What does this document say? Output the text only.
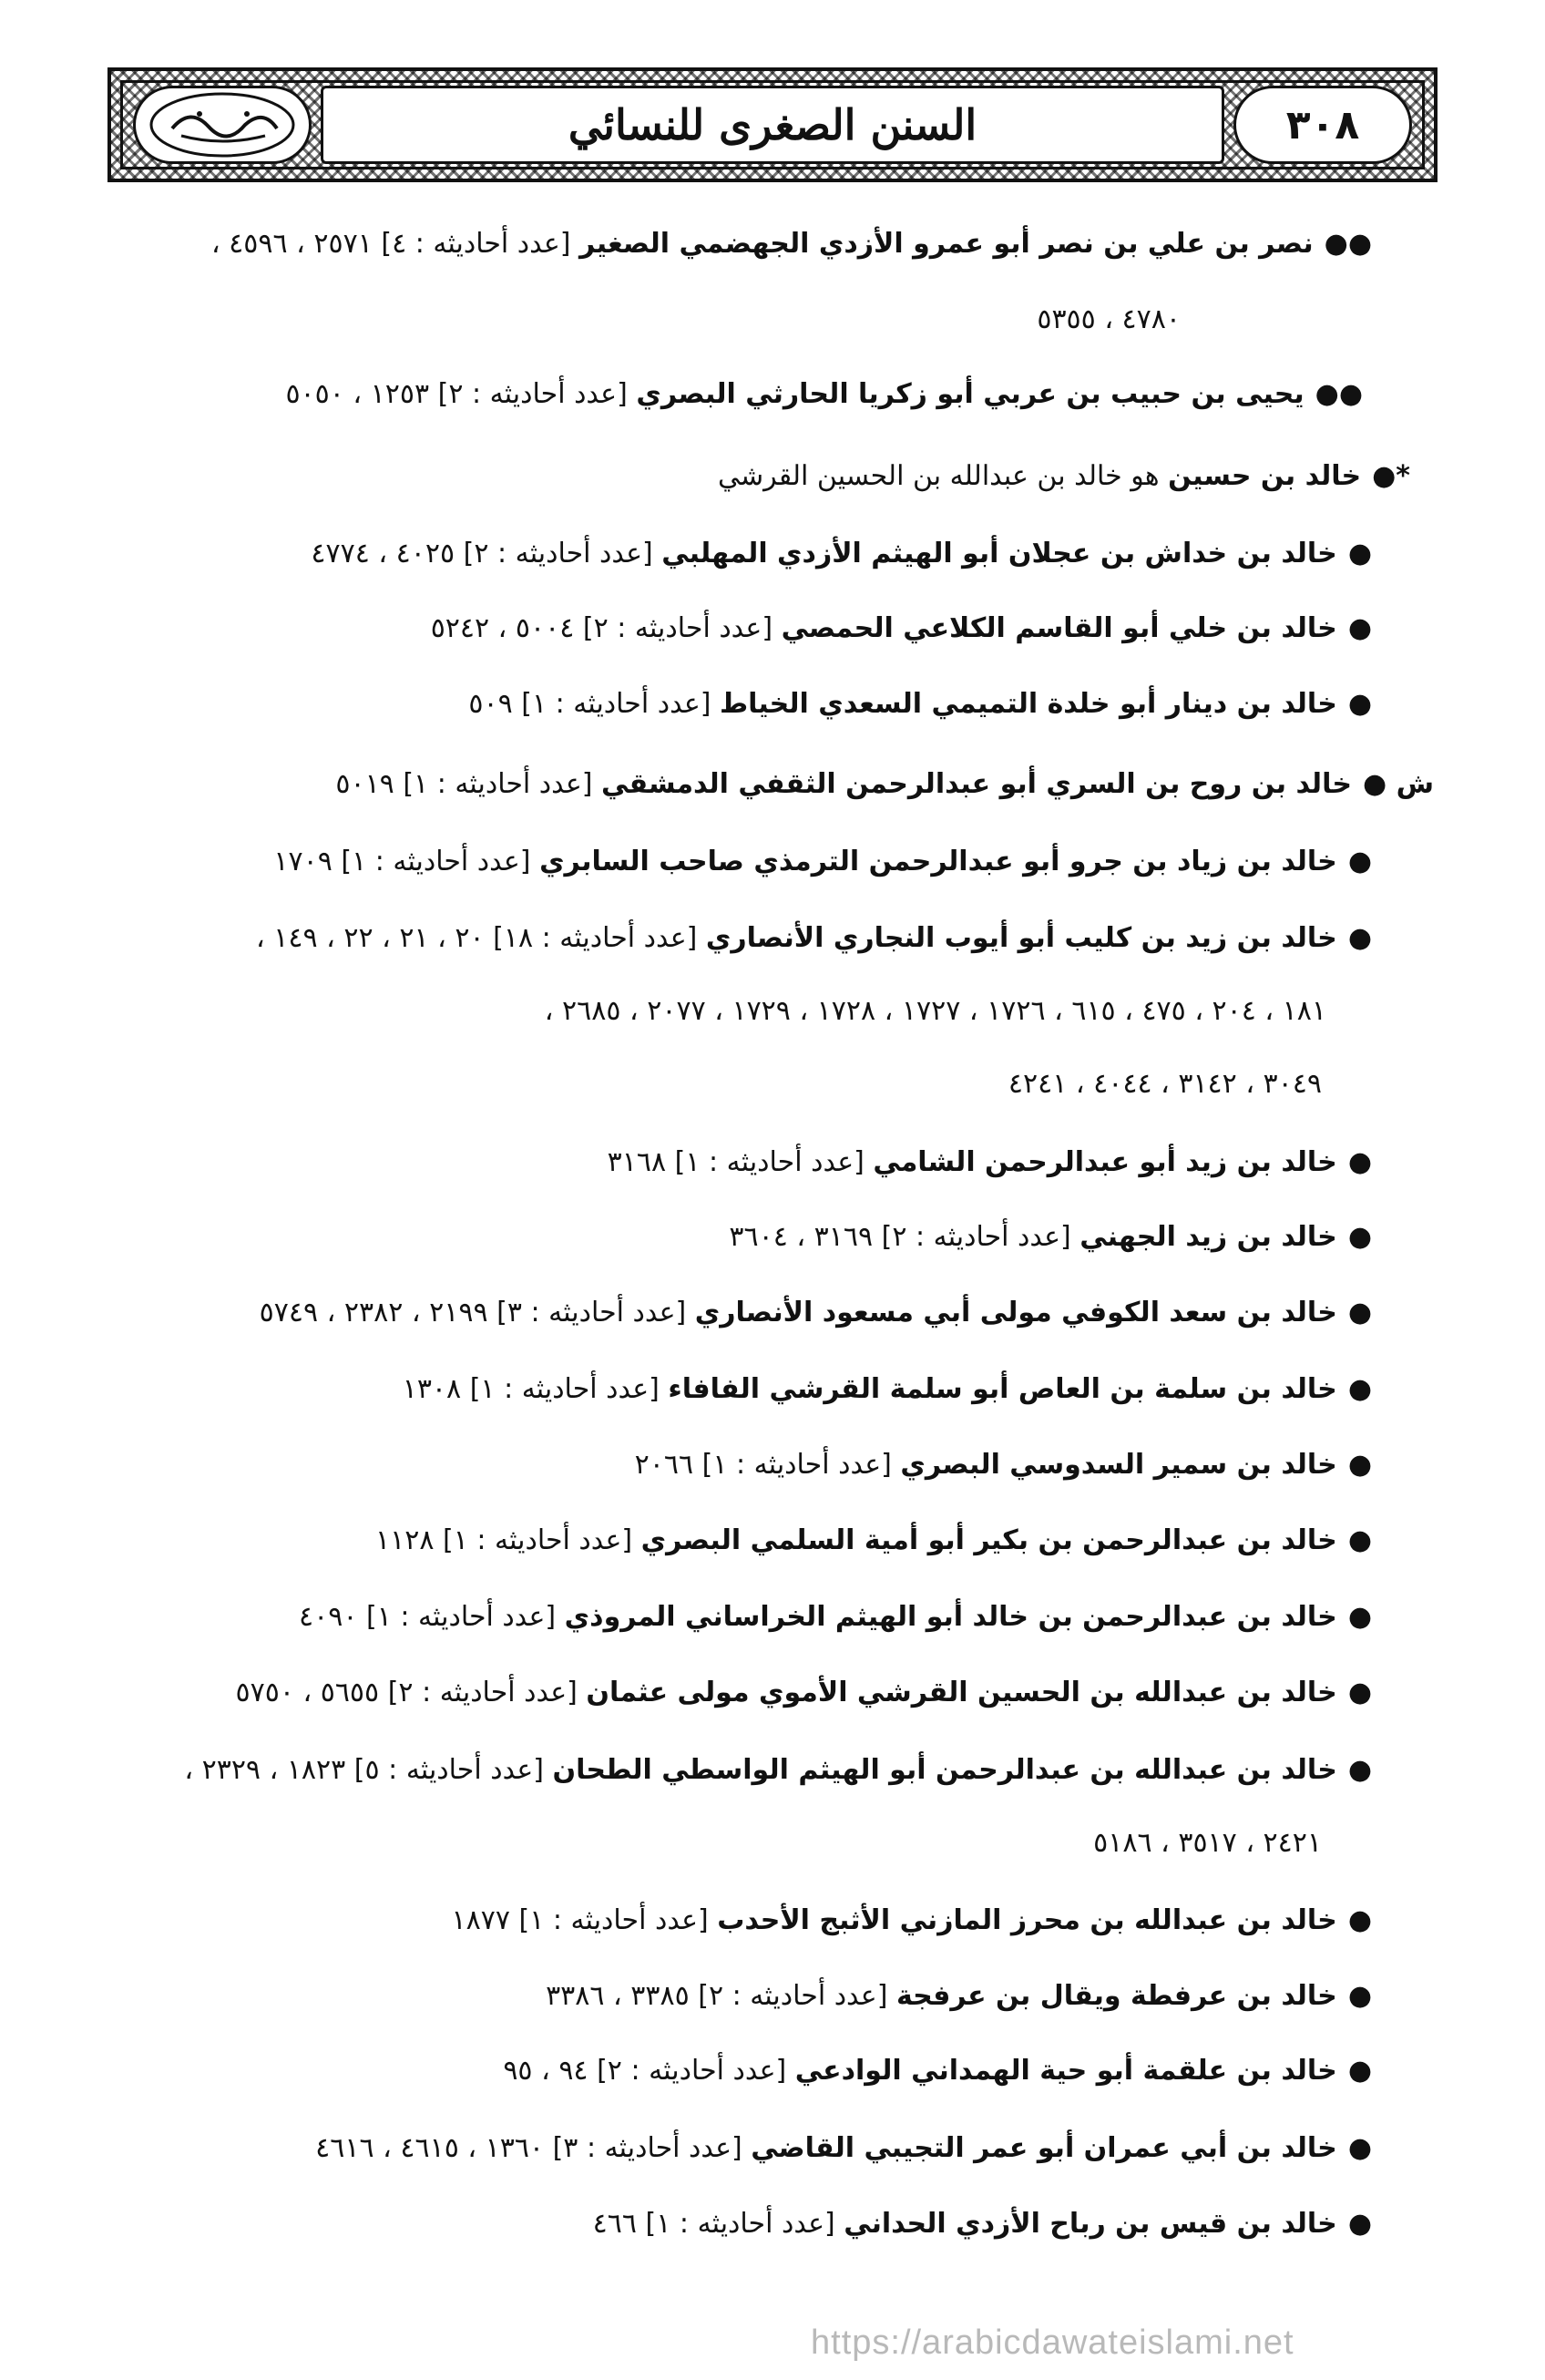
السنن الصغرى للنسائي	٣٠٨
●●نصر بن علي بن نصر أبو عمرو الأزدي الجهضمي الصغير [عدد أحاديثه : ٤] ٢٥٧١ ، ٤٥٩٦ ،
٤٧٨٠ ، ٥٣٥٥
●●يحيى بن حبيب بن عربي أبو زكريا الحارثي البصري [عدد أحاديثه : ٢] ١٢٥٣ ، ٥٠٥٠
*●خالد بن حسين هو خالد بن عبدالله بن الحسين القرشي
●خالد بن خداش بن عجلان أبو الهيثم الأزدي المهلبي [عدد أحاديثه : ٢] ٤٠٢٥ ، ٤٧٧٤
●خالد بن خلي أبو القاسم الكلاعي الحمصي [عدد أحاديثه : ٢] ٥٠٠٤ ، ٥٢٤٢
●خالد بن دينار أبو خلدة التميمي السعدي الخياط [عدد أحاديثه : ١] ٥٠٩
ش ●خالد بن روح بن السري أبو عبدالرحمن الثقفي الدمشقي [عدد أحاديثه : ١] ٥٠١٩
●خالد بن زياد بن جرو أبو عبدالرحمن الترمذي صاحب السابري [عدد أحاديثه : ١] ١٧٠٩
●خالد بن زيد بن كليب أبو أيوب النجاري الأنصاري [عدد أحاديثه : ١٨] ٢٠ ، ٢١ ، ٢٢ ، ١٤٩ ،
١٨١ ، ٢٠٤ ، ٤٧٥ ، ٦١٥ ، ١٧٢٦ ، ١٧٢٧ ، ١٧٢٨ ، ١٧٢٩ ، ٢٠٧٧ ، ٢٦٨٥ ،
٣٠٤٩ ، ٣١٤٢ ، ٤٠٤٤ ، ٤٢٤١
●خالد بن زيد أبو عبدالرحمن الشامي [عدد أحاديثه : ١] ٣١٦٨
●خالد بن زيد الجهني [عدد أحاديثه : ٢] ٣١٦٩ ، ٣٦٠٤
●خالد بن سعد الكوفي مولى أبي مسعود الأنصاري [عدد أحاديثه : ٣] ٢١٩٩ ، ٢٣٨٢ ، ٥٧٤٩
●خالد بن سلمة بن العاص أبو سلمة القرشي الفافاء [عدد أحاديثه : ١] ١٣٠٨
●خالد بن سمير السدوسي البصري [عدد أحاديثه : ١] ٢٠٦٦
●خالد بن عبدالرحمن بن بكير أبو أمية السلمي البصري [عدد أحاديثه : ١] ١١٢٨
●خالد بن عبدالرحمن بن خالد أبو الهيثم الخراساني المروذي [عدد أحاديثه : ١] ٤٠٩٠
●خالد بن عبدالله بن الحسين القرشي الأموي مولى عثمان [عدد أحاديثه : ٢] ٥٦٥٥ ، ٥٧٥٠
●خالد بن عبدالله بن عبدالرحمن أبو الهيثم الواسطي الطحان [عدد أحاديثه : ٥] ١٨٢٣ ، ٢٣٢٩ ،
٢٤٢١ ، ٣٥١٧ ، ٥١٨٦
●خالد بن عبدالله بن محرز المازني الأثبج الأحدب [عدد أحاديثه : ١] ١٨٧٧
●خالد بن عرفطة ويقال بن عرفجة [عدد أحاديثه : ٢] ٣٣٨٥ ، ٣٣٨٦
●خالد بن علقمة أبو حية الهمداني الوادعي [عدد أحاديثه : ٢] ٩٤ ، ٩٥
●خالد بن أبي عمران أبو عمر التجيبي القاضي [عدد أحاديثه : ٣] ١٣٦٠ ، ٤٦١٥ ، ٤٦١٦
●خالد بن قيس بن رباح الأزدي الحداني [عدد أحاديثه : ١] ٤٦٦
https://arabicdawateislami.net
